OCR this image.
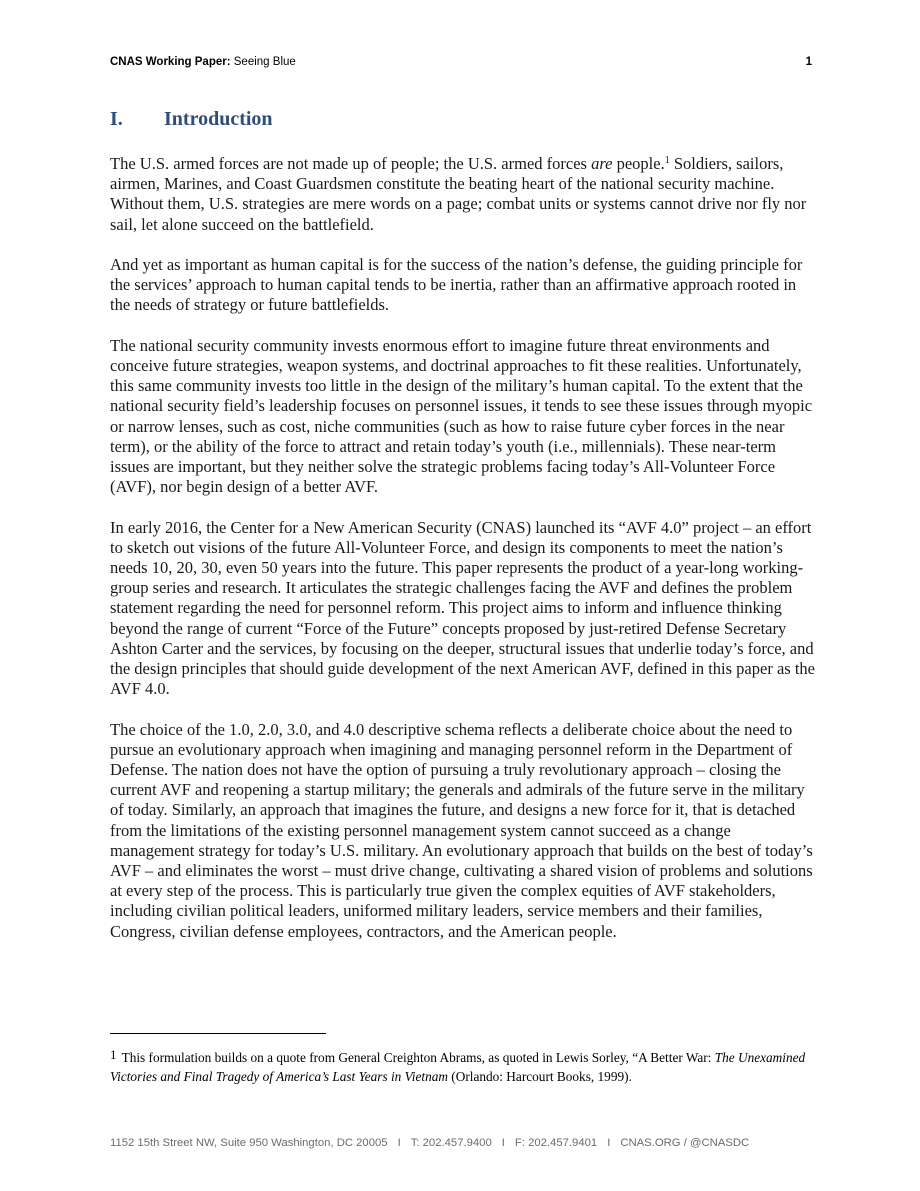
CNAS Working Paper: Seeing Blue	1
I.	Introduction

The U.S. armed forces are not made up of people; the U.S. armed forces are people.$^1$ Soldiers, sailors, airmen, Marines, and Coast Guardsmen constitute the beating heart of the national security machine. Without them, U.S. strategies are mere words on a page; combat units or systems cannot drive nor fly nor sail, let alone succeed on the battlefield.

And yet as important as human capital is for the success of the nation’s defense, the guiding principle for the services’ approach to human capital tends to be inertia, rather than an affirmative approach rooted in the needs of strategy or future battlefields.

The national security community invests enormous effort to imagine future threat environments and conceive future strategies, weapon systems, and doctrinal approaches to fit these realities. Unfortunately, this same community invests too little in the design of the military’s human capital. To the extent that the national security field’s leadership focuses on personnel issues, it tends to see these issues through myopic or narrow lenses, such as cost, niche communities (such as how to raise future cyber forces in the near term), or the ability of the force to attract and retain today’s youth (i.e., millennials). These near-term issues are important, but they neither solve the strategic problems facing today’s All-Volunteer Force (AVF), nor begin design of a better AVF.

In early 2016, the Center for a New American Security (CNAS) launched its “AVF 4.0” project – an effort to sketch out visions of the future All-Volunteer Force, and design its components to meet the nation’s needs 10, 20, 30, even 50 years into the future. This paper represents the product of a year-long working-group series and research. It articulates the strategic challenges facing the AVF and defines the problem statement regarding the need for personnel reform. This project aims to inform and influence thinking beyond the range of current “Force of the Future” concepts proposed by just-retired Defense Secretary Ashton Carter and the services, by focusing on the deeper, structural issues that underlie today’s force, and the design principles that should guide development of the next American AVF, defined in this paper as the AVF 4.0.

The choice of the 1.0, 2.0, 3.0, and 4.0 descriptive schema reflects a deliberate choice about the need to pursue an evolutionary approach when imagining and managing personnel reform in the Department of Defense. The nation does not have the option of pursuing a truly revolutionary approach – closing the current AVF and reopening a startup military; the generals and admirals of the future serve in the military of today. Similarly, an approach that imagines the future, and designs a new force for it, that is detached from the limitations of the existing personnel management system cannot succeed as a change management strategy for today’s U.S. military. An evolutionary approach that builds on the best of today’s AVF – and eliminates the worst – must drive change, cultivating a shared vision of problems and solutions at every step of the process. This is particularly true given the complex equities of AVF stakeholders, including civilian political leaders, uniformed military leaders, service members and their families, Congress, civilian defense employees, contractors, and the American people.

1 This formulation builds on a quote from General Creighton Abrams, as quoted in Lewis Sorley, “A Better War: The Unexamined Victories and Final Tragedy of America’s Last Years in Vietnam (Orlando: Harcourt Books, 1999).
1152 15th Street NW, Suite 950 Washington, DC 20005 I T: 202.457.9400 I F: 202.457.9401 I CNAS.ORG / @CNASDC
